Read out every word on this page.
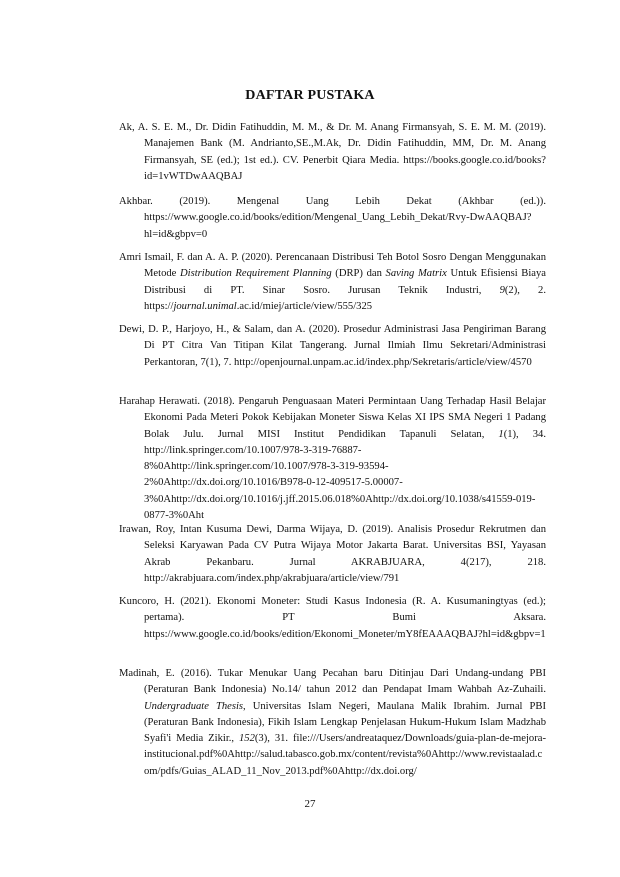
DAFTAR PUSTAKA
Ak, A. S. E. M., Dr. Didin Fatihuddin, M. M., & Dr. M. Anang Firmansyah, S. E. M. M. (2019). Manajemen Bank (M. Andrianto,SE.,M.Ak, Dr. Didin Fatihuddin, MM, Dr. M. Anang Firmansyah, SE (ed.); 1st ed.). CV. Penerbit Qiara Media. https://books.google.co.id/books?id=1vWTDwAAQBAJ
Akhbar. (2019). Mengenal Uang Lebih Dekat (Akhbar (ed.)). https://www.google.co.id/books/edition/Mengenal_Uang_Lebih_Dekat/Rvy-DwAAQBAJ?hl=id&gbpv=0
Amri Ismail, F. dan A. A. P. (2020). Perencanaan Distribusi Teh Botol Sosro Dengan Menggunakan Metode Distribution Requirement Planning (DRP) dan Saving Matrix Untuk Efisiensi Biaya Distribusi di PT. Sinar Sosro. Jurusan Teknik Industri, 9(2), 2. https://journal.unimal.ac.id/miej/article/view/555/325
Dewi, D. P., Harjoyo, H., & Salam, dan A. (2020). Prosedur Administrasi Jasa Pengiriman Barang Di PT Citra Van Titipan Kilat Tangerang. Jurnal Ilmiah Ilmu Sekretari/Administrasi Perkantoran, 7(1), 7. http://openjournal.unpam.ac.id/index.php/Sekretaris/article/view/4570
Harahap Herawati. (2018). Pengaruh Penguasaan Materi Permintaan Uang Terhadap Hasil Belajar Ekonomi Pada Meteri Pokok Kebijakan Moneter Siswa Kelas XI IPS SMA Negeri 1 Padang Bolak Julu. Jurnal MISI Institut Pendidikan Tapanuli Selatan, 1(1), 34. http://link.springer.com/10.1007/978-3-319-76887-8%0Ahttp://link.springer.com/10.1007/978-3-319-93594-2%0Ahttp://dx.doi.org/10.1016/B978-0-12-409517-5.00007-3%0Ahttp://dx.doi.org/10.1016/j.jff.2015.06.018%0Ahttp://dx.doi.org/10.1038/s41559-019-0877-3%0Aht
Irawan, Roy, Intan Kusuma Dewi, Darma Wijaya, D. (2019). Analisis Prosedur Rekrutmen dan Seleksi Karyawan Pada CV Putra Wijaya Motor Jakarta Barat. Universitas BSI, Yayasan Akrab Pekanbaru. Jurnal AKRABJUARA, 4(217), 218. http://akrabjuara.com/index.php/akrabjuara/article/view/791
Kuncoro, H. (2021). Ekonomi Moneter: Studi Kasus Indonesia (R. A. Kusumaningtyas (ed.); pertama). PT Bumi Aksara. https://www.google.co.id/books/edition/Ekonomi_Moneter/mY8fEAAAQBAJ?hl=id&gbpv=1
Madinah, E. (2016). Tukar Menukar Uang Pecahan baru Ditinjau Dari Undang-undang PBI (Peraturan Bank Indonesia) No.14/ tahun 2012 dan Pendapat Imam Wahbah Az-Zuhaili. Undergraduate Thesis, Universitas Islam Negeri, Maulana Malik Ibrahim. Jurnal PBI (Peraturan Bank Indonesia), Fikih Islam Lengkap Penjelasan Hukum-Hukum Islam Madzhab Syafi'i Media Zikir., 152(3), 31. file:///Users/andreataquez/Downloads/guia-plan-de-mejora-institucional.pdf%0Ahttp://salud.tabasco.gob.mx/content/revista%0Ahttp://www.revistaalad.com/pdfs/Guias_ALAD_11_Nov_2013.pdf%0Ahttp://dx.doi.org/
27
